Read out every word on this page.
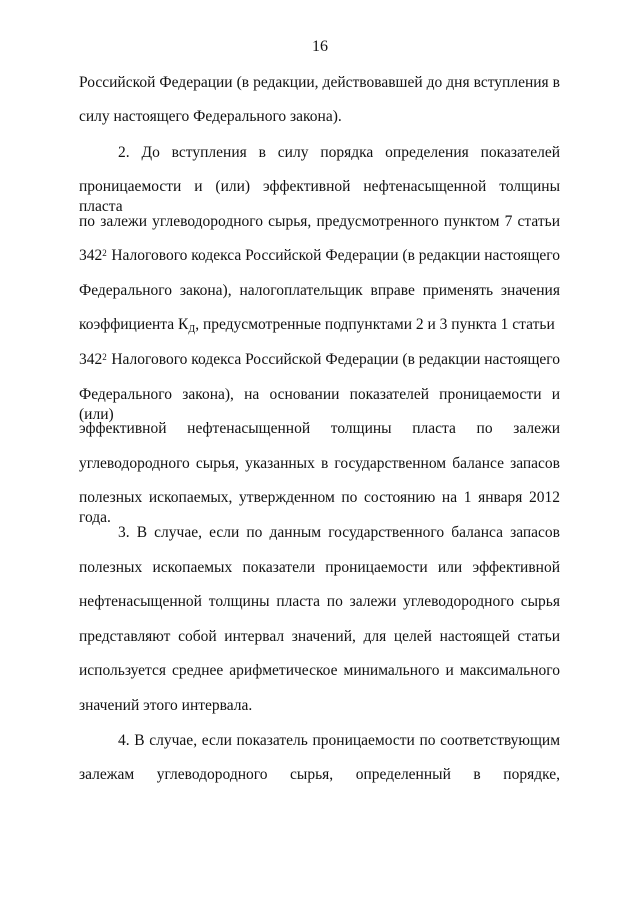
16
Российской Федерации (в редакции, действовавшей до дня вступления в
силу настоящего Федерального закона).
2. До вступления в силу порядка определения показателей
проницаемости и (или) эффективной нефтенасыщенной толщины пласта
по залежи углеводородного сырья, предусмотренного пунктом 7 статьи
$342^2$ Налогового кодекса Российской Федерации (в редакции настоящего
Федерального закона), налогоплательщик вправе применять значения
коэффициента $К_Д$, предусмотренные подпунктами 2 и 3 пункта 1 статьи
$342^2$ Налогового кодекса Российской Федерации (в редакции настоящего
Федерального закона), на основании показателей проницаемости и (или)
эффективной нефтенасыщенной толщины пласта по залежи
углеводородного сырья, указанных в государственном балансе запасов
полезных ископаемых, утвержденном по состоянию на 1 января 2012 года.
3. В случае, если по данным государственного баланса запасов
полезных ископаемых показатели проницаемости или эффективной
нефтенасыщенной толщины пласта по залежи углеводородного сырья
представляют собой интервал значений, для целей настоящей статьи
используется среднее арифметическое минимального и максимального
значений этого интервала.
4. В случае, если показатель проницаемости по соответствующим
залежам углеводородного сырья, определенный в порядке,
